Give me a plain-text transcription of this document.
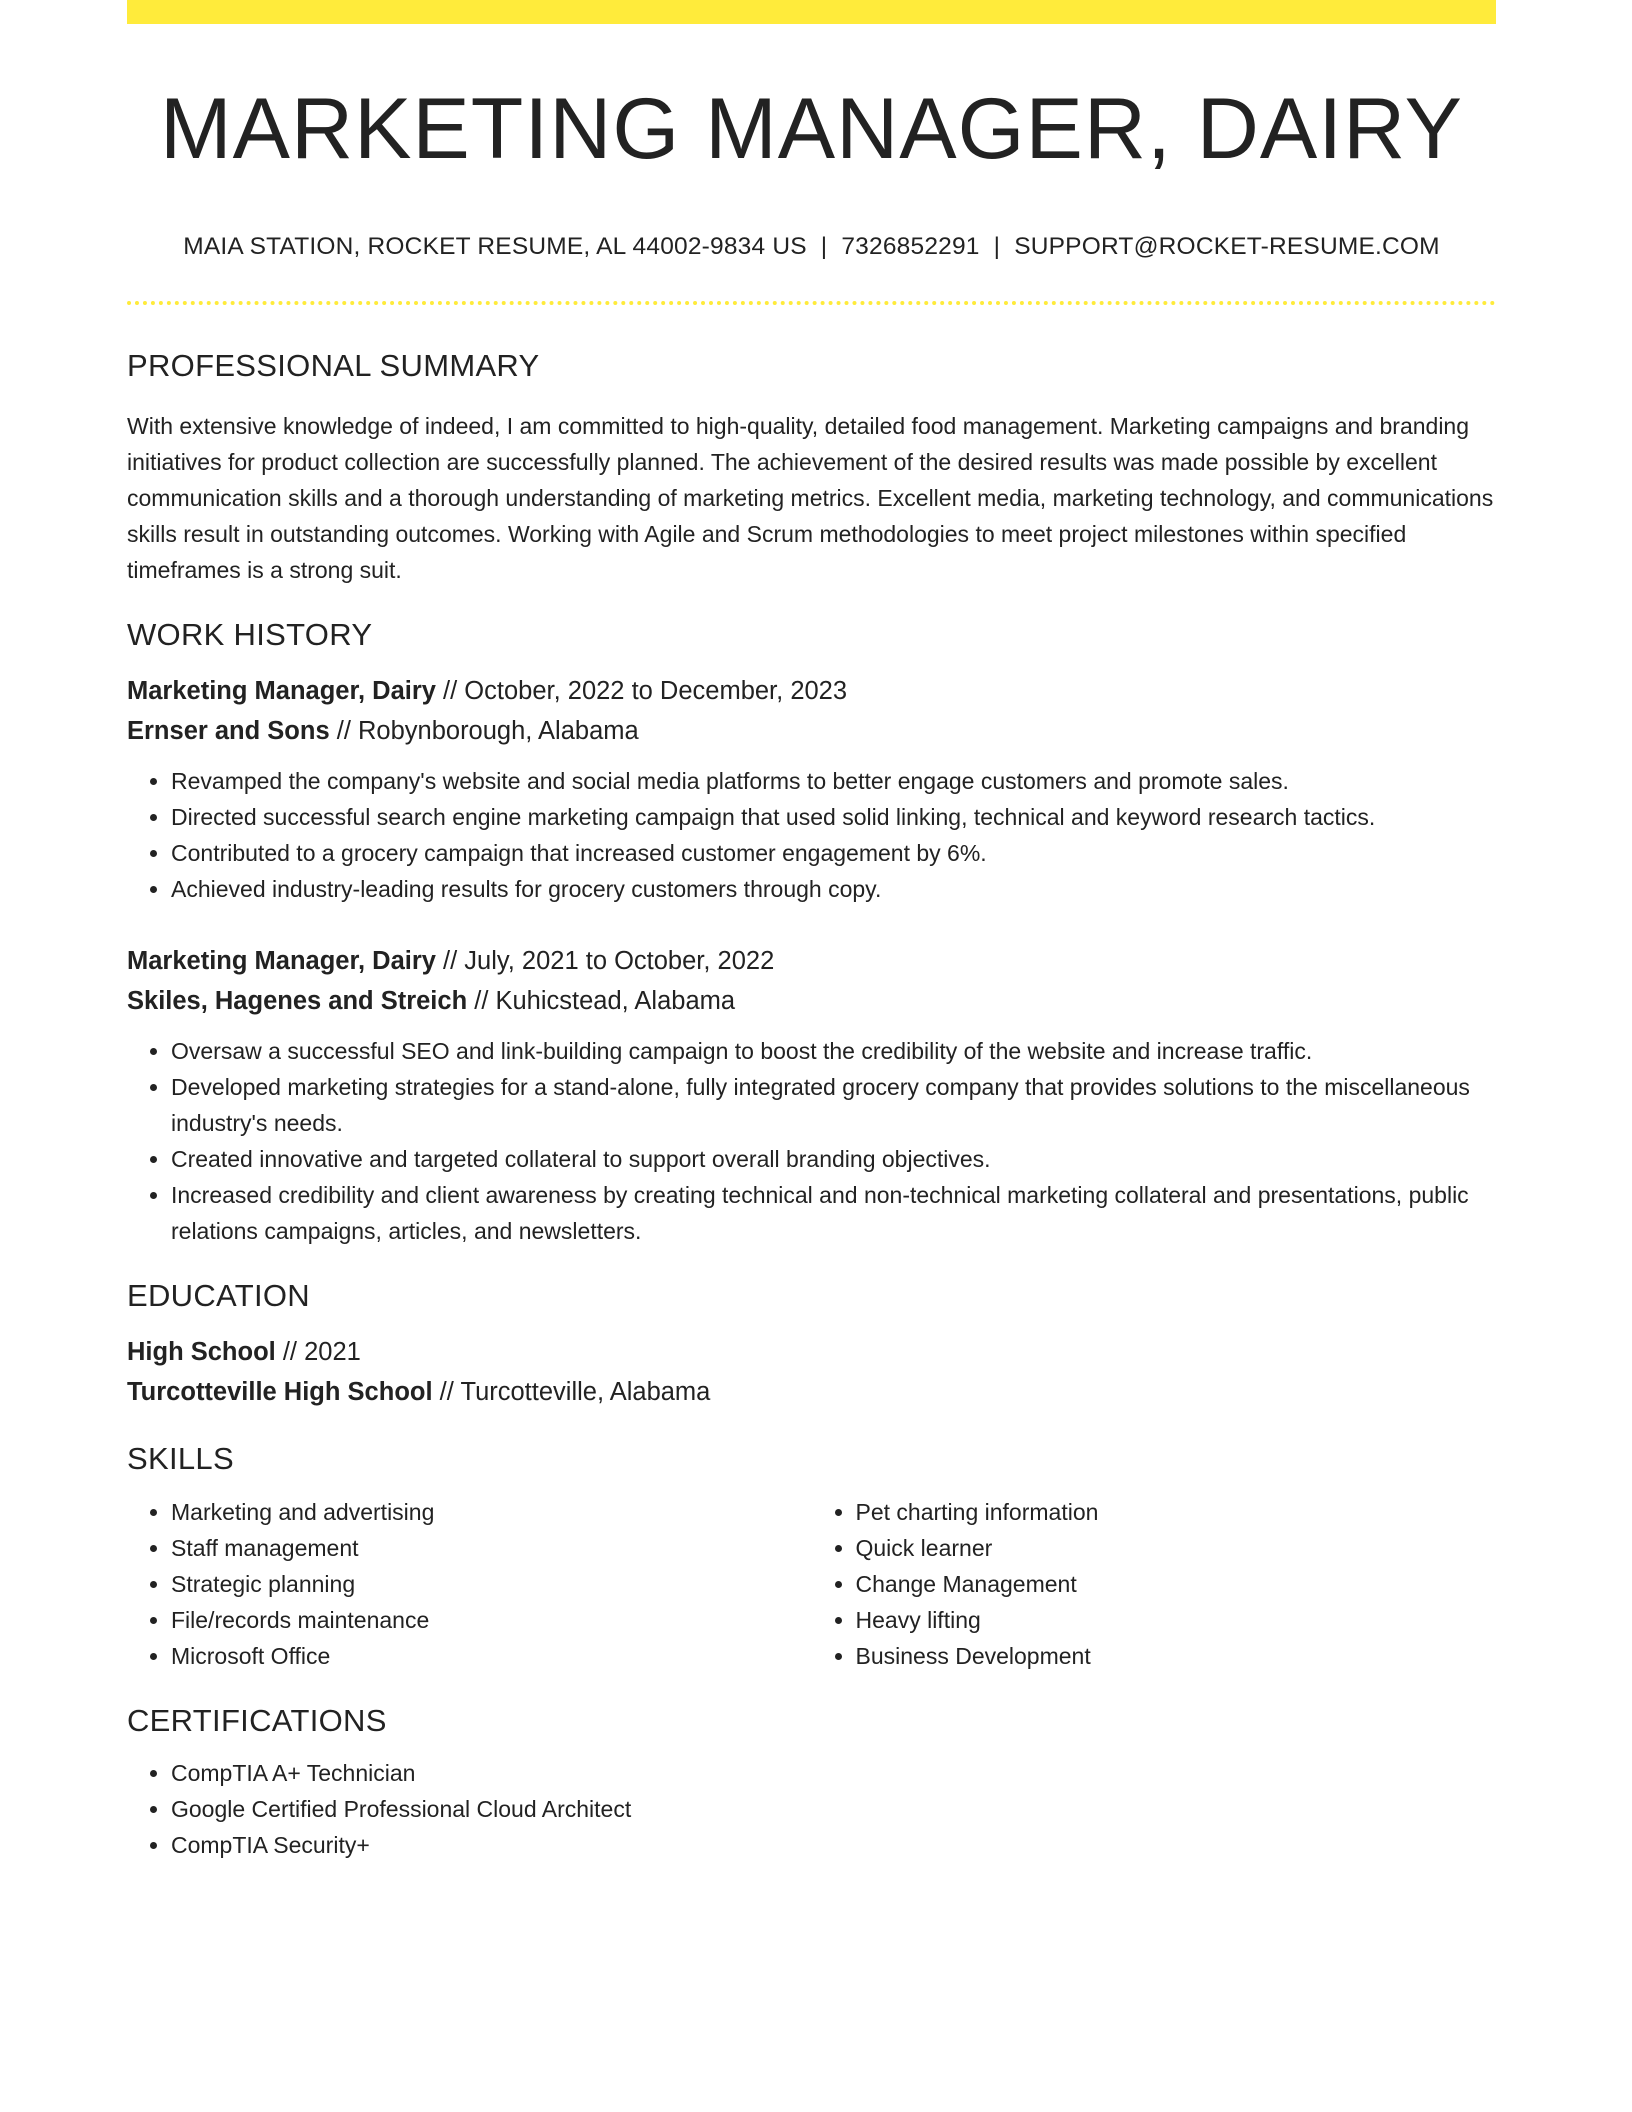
MARKETING MANAGER, DAIRY
MAIA STATION, ROCKET RESUME, AL 44002-9834 US | 7326852291 | SUPPORT@ROCKET-RESUME.COM
PROFESSIONAL SUMMARY

With extensive knowledge of indeed, I am committed to high-quality, detailed food management. Marketing campaigns and branding initiatives for product collection are successfully planned. The achievement of the desired results was made possible by excellent communication skills and a thorough understanding of marketing metrics. Excellent media, marketing technology, and communications skills result in outstanding outcomes. Working with Agile and Scrum methodologies to meet project milestones within specified timeframes is a strong suit.

WORK HISTORY
Marketing Manager, Dairy // October, 2022 to December, 2023
Ernser and Sons // Robynborough, Alabama
• Revamped the company's website and social media platforms to better engage customers and promote sales.
• Directed successful search engine marketing campaign that used solid linking, technical and keyword research tactics.
• Contributed to a grocery campaign that increased customer engagement by 6%.
• Achieved industry-leading results for grocery customers through copy.
Marketing Manager, Dairy // July, 2021 to October, 2022
Skiles, Hagenes and Streich // Kuhicstead, Alabama
• Oversaw a successful SEO and link-building campaign to boost the credibility of the website and increase traffic.
• Developed marketing strategies for a stand-alone, fully integrated grocery company that provides solutions to the miscellaneous industry's needs.
• Created innovative and targeted collateral to support overall branding objectives.
• Increased credibility and client awareness by creating technical and non-technical marketing collateral and presentations, public relations campaigns, articles, and newsletters.
EDUCATION
High School // 2021
Turcotteville High School // Turcotteville, Alabama
SKILLS
• Marketing and advertising
• Staff management
• Strategic planning
• File/records maintenance
• Microsoft Office
• Pet charting information
• Quick learner
• Change Management
• Heavy lifting
• Business Development
CERTIFICATIONS
• CompTIA A+ Technician
• Google Certified Professional Cloud Architect
• CompTIA Security+
